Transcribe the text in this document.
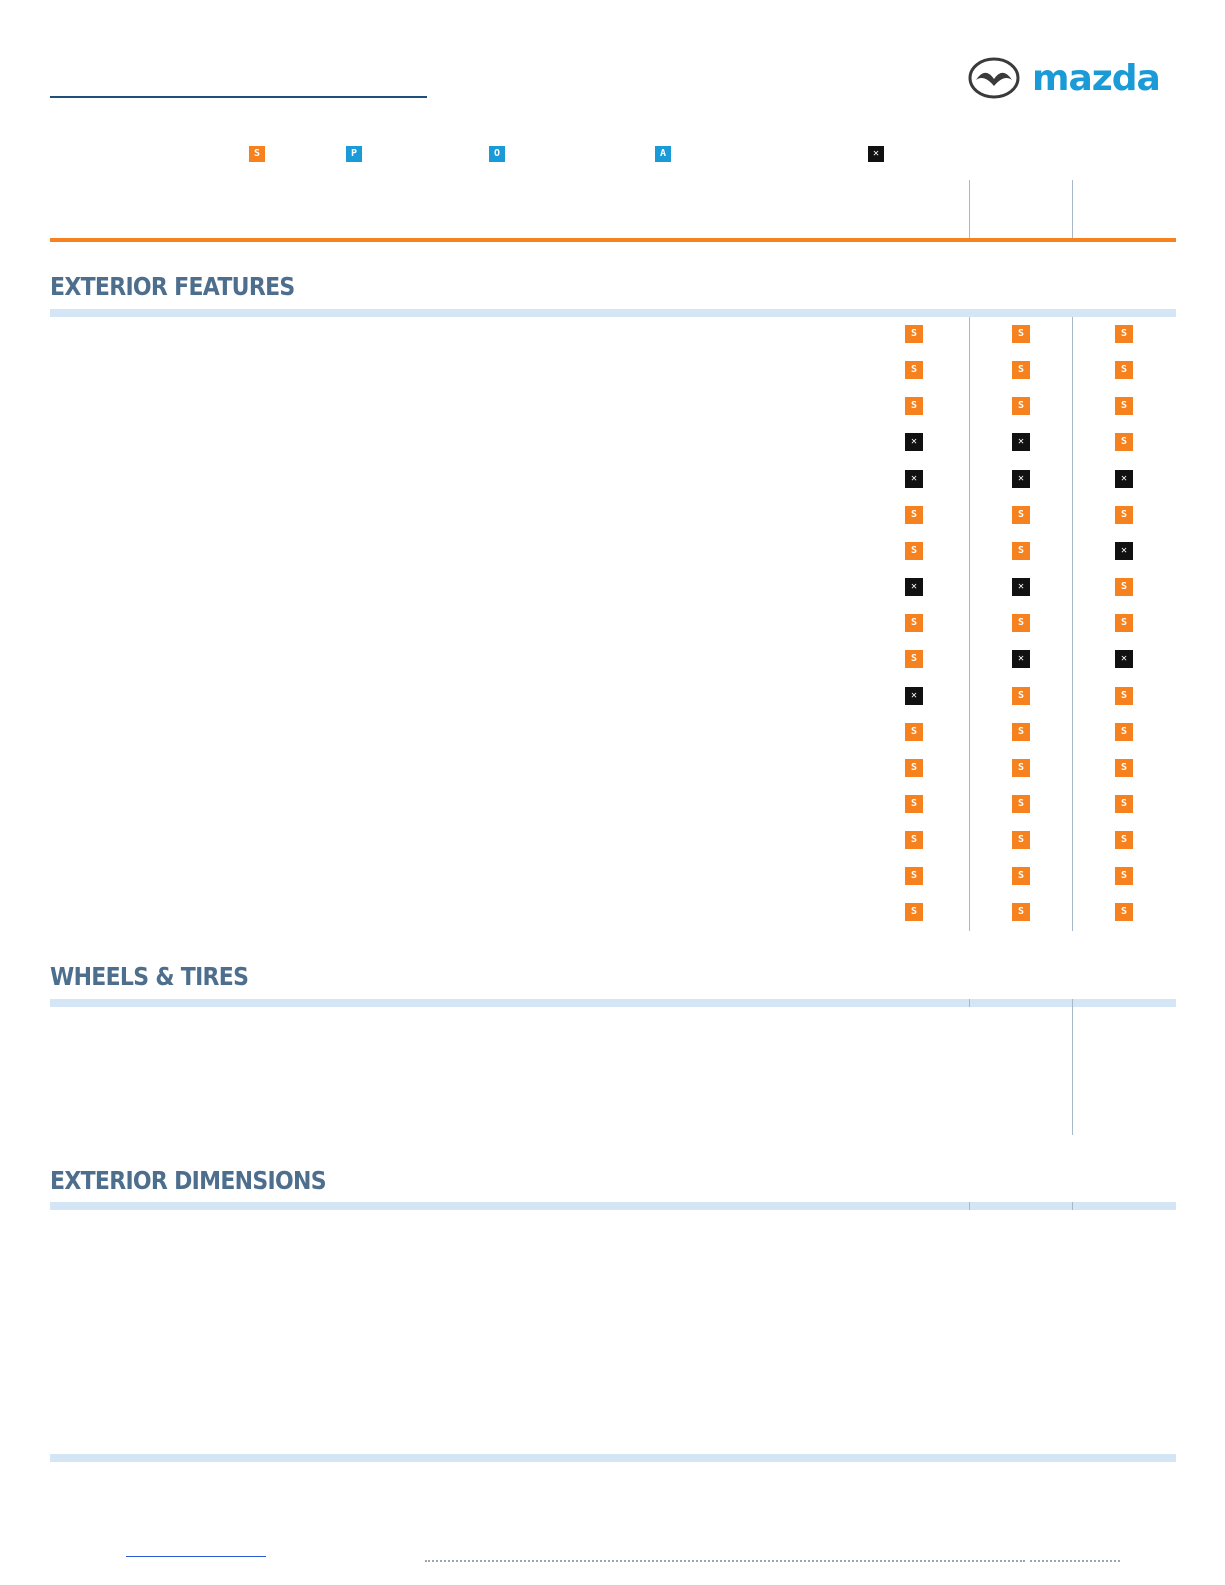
mazda
S	P	O	A	✕
EXTERIOR FEATURES
S	S	S
S	S	S
S	S	S
✕	✕	S
✕	✕	✕
S	S	S
S	S	✕
✕	✕	S
S	S	S
S	✕	✕
✕	S	S
S	S	S
S	S	S
S	S	S
S	S	S
S	S	S
S	S	S
WHEELS & TIRES
EXTERIOR DIMENSIONS
